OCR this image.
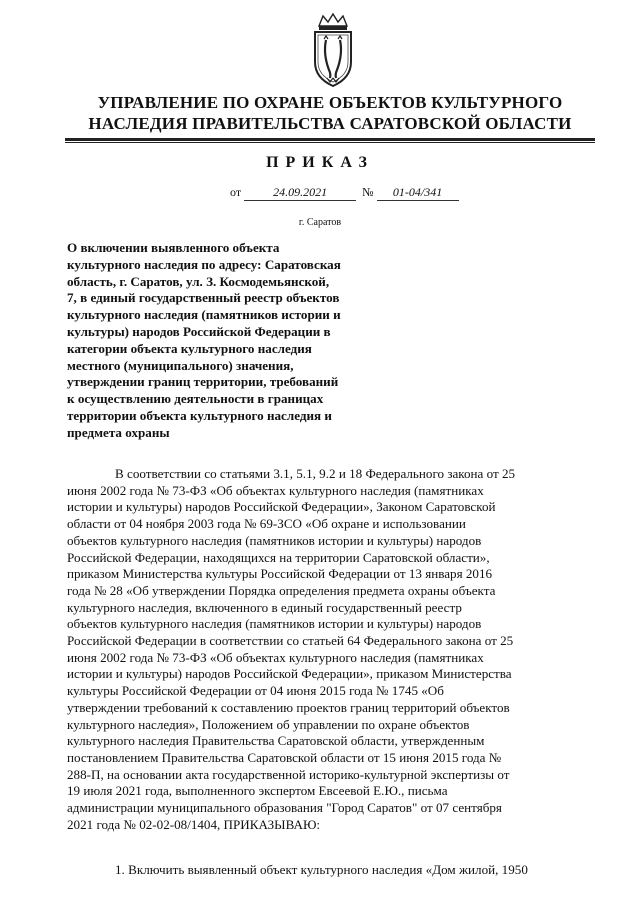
УПРАВЛЕНИЕ ПО ОХРАНЕ ОБЪЕКТОВ КУЛЬТУРНОГО
НАСЛЕДИЯ ПРАВИТЕЛЬСТВА САРАТОВСКОЙ ОБЛАСТИ
ПРИКАЗ
от	24.09.2021	№ 01-04/341
г. Саратов
О включении выявленного объекта
культурного наследия по адресу: Саратовская
область, г. Саратов, ул. З. Космодемьянской,
7, в единый государственный реестр объектов
культурного наследия (памятников истории и
культуры) народов Российской Федерации в
категории объекта культурного наследия
местного (муниципального) значения,
утверждении границ территории, требований
к осуществлению деятельности в границах
территории объекта культурного наследия и
предмета охраны
В соответствии со статьями 3.1, 5.1, 9.2 и 18 Федерального закона от 25
июня 2002 года № 73-ФЗ «Об объектах культурного наследия (памятниках
истории и культуры) народов Российской Федерации», Законом Саратовской
области от 04 ноября 2003 года № 69-ЗСО «Об охране и использовании
объектов культурного наследия (памятников истории и культуры) народов
Российской Федерации, находящихся на территории Саратовской области»,
приказом Министерства культуры Российской Федерации от 13 января 2016
года № 28 «Об утверждении Порядка определения предмета охраны объекта
культурного наследия, включенного в единый государственный реестр
объектов культурного наследия (памятников истории и культуры) народов
Российской Федерации в соответствии со статьей 64 Федерального закона от 25
июня 2002 года № 73-ФЗ «Об объектах культурного наследия (памятниках
истории и культуры) народов Российской Федерации», приказом Министерства
культуры Российской Федерации от 04 июня 2015 года № 1745 «Об
утверждении требований к составлению проектов границ территорий объектов
культурного наследия», Положением об управлении по охране объектов
культурного наследия Правительства Саратовской области, утвержденным
постановлением Правительства Саратовской области от 15 июня 2015 года №
288-П, на основании акта государственной историко-культурной экспертизы от
19 июля 2021 года, выполненного экспертом Евсеевой Е.Ю., письма
администрации муниципального образования "Город Саратов" от 07 сентября
2021 года № 02-02-08/1404, ПРИКАЗЫВАЮ:
1. Включить выявленный объект культурного наследия «Дом жилой, 1950
